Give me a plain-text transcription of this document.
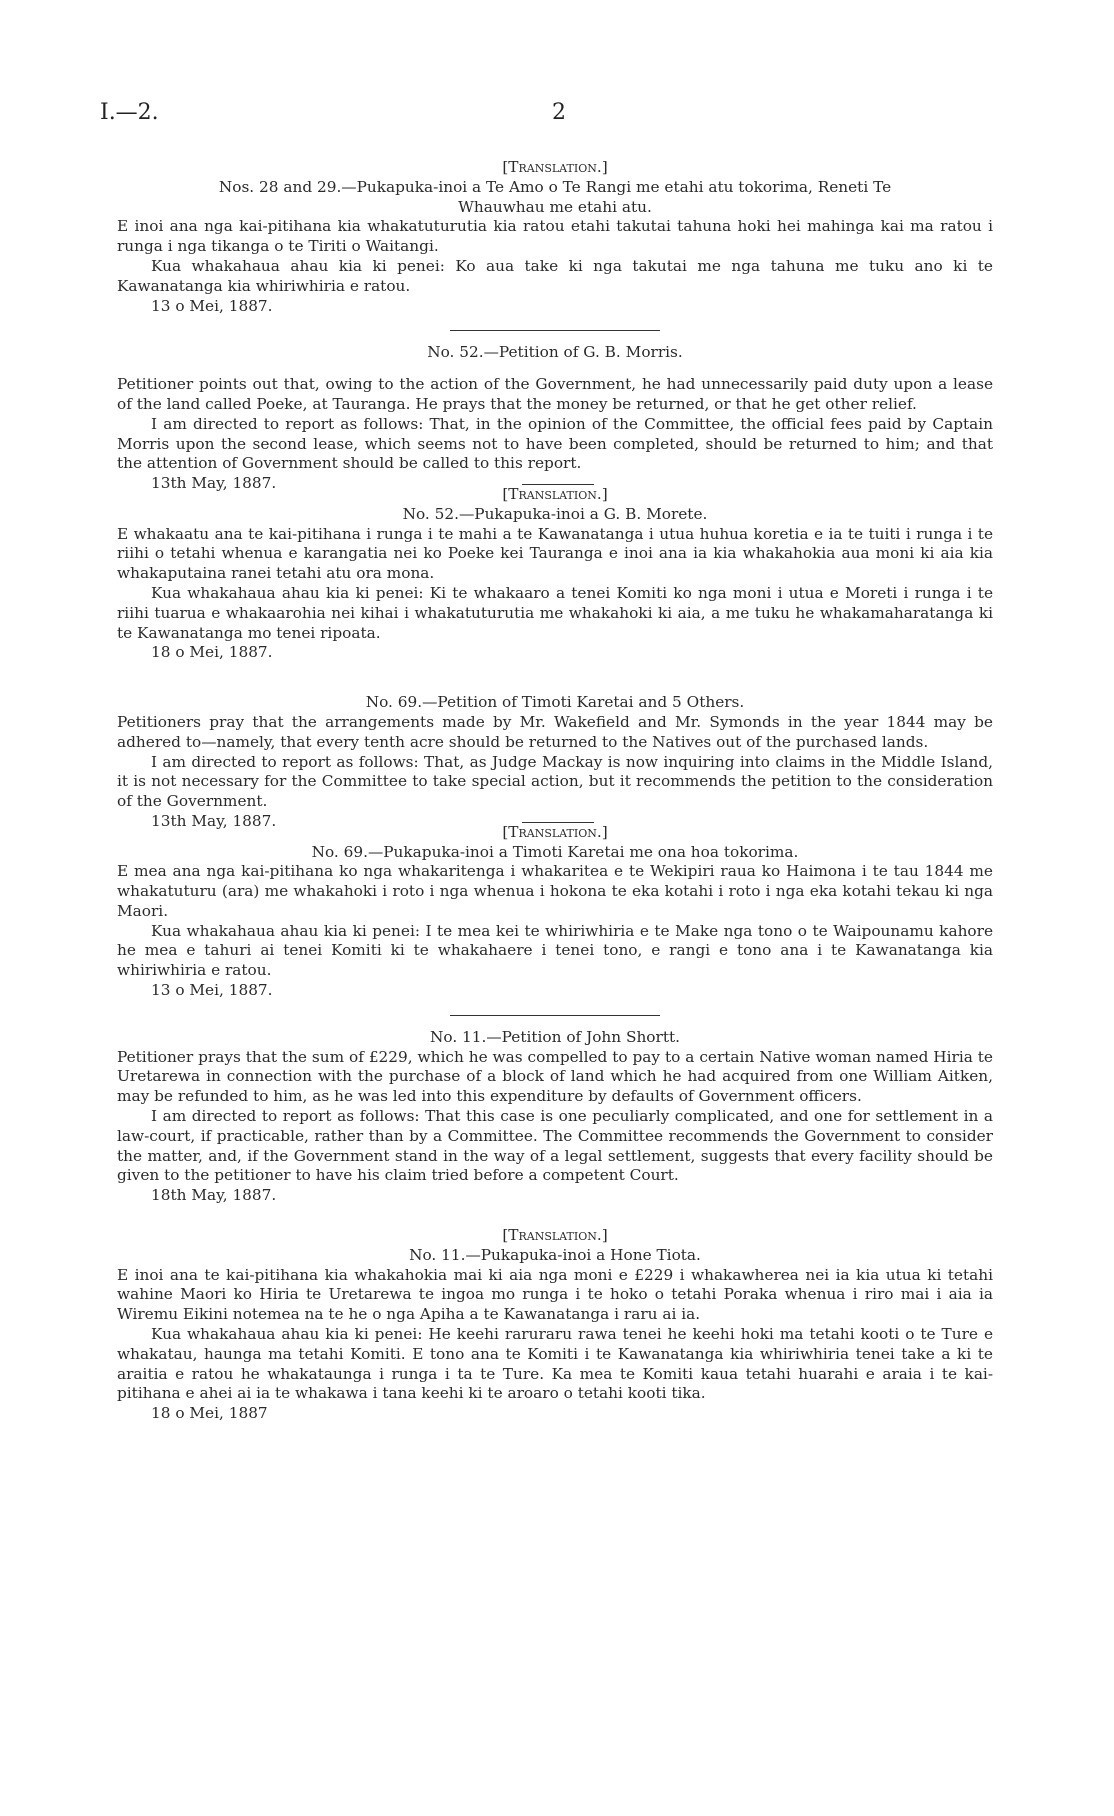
I.—2.	2

[Translation.]

Nos. 28 and 29.—Pukapuka-inoi a Te Amo o Te Rangi me etahi atu tokorima, Reneti Te

Whauwhau me etahi atu.

E inoi ana nga kai-pitihana kia whakatuturutia kia ratou etahi takutai tahuna hoki hei mahinga kai ma ratou i runga i nga tikanga o te Tiriti o Waitangi.

Kua whakahaua ahau kia ki penei: Ko aua take ki nga takutai me nga tahuna me tuku ano ki te Kawanatanga kia whiriwhiria e ratou.

13 o Mei, 1887.

No. 52.—Petition of G. B. Morris.

Petitioner points out that, owing to the action of the Government, he had unnecessarily paid duty upon a lease of the land called Poeke, at Tauranga. He prays that the money be returned, or that he get other relief.

I am directed to report as follows: That, in the opinion of the Committee, the official fees paid by Captain Morris upon the second lease, which seems not to have been completed, should be returned to him; and that the attention of Government should be called to this report.

13th May, 1887.

[Translation.]

No. 52.—Pukapuka-inoi a G. B. Morete.

E whakaatu ana te kai-pitihana i runga i te mahi a te Kawanatanga i utua huhua koretia e ia te tuiti i runga i te riihi o tetahi whenua e karangatia nei ko Poeke kei Tauranga e inoi ana ia kia whakahokia aua moni ki aia kia whakaputaina ranei tetahi atu ora mona.

Kua whakahaua ahau kia ki penei: Ki te whakaaro a tenei Komiti ko nga moni i utua e Moreti i runga i te riihi tuarua e whakaarohia nei kihai i whakatuturutia me whakahoki ki aia, a me tuku he whakamaharatanga ki te Kawanatanga mo tenei ripoata.

18 o Mei, 1887.

No. 69.—Petition of Timoti Karetai and 5 Others.

Petitioners pray that the arrangements made by Mr. Wakefield and Mr. Symonds in the year 1844 may be adhered to—namely, that every tenth acre should be returned to the Natives out of the purchased lands.

I am directed to report as follows: That, as Judge Mackay is now inquiring into claims in the Middle Island, it is not necessary for the Committee to take special action, but it recommends the petition to the consideration of the Government.

13th May, 1887.

[Translation.]

No. 69.—Pukapuka-inoi a Timoti Karetai me ona hoa tokorima.

E mea ana nga kai-pitihana ko nga whakaritenga i whakaritea e te Wekipiri raua ko Haimona i te tau 1844 me whakatuturu (ara) me whakahoki i roto i nga whenua i hokona te eka kotahi i roto i nga eka kotahi tekau ki nga Maori.

Kua whakahaua ahau kia ki penei: I te mea kei te whiriwhiria e te Make nga tono o te Waipounamu kahore he mea e tahuri ai tenei Komiti ki te whakahaere i tenei tono, e rangi e tono ana i te Kawanatanga kia whiriwhiria e ratou.

13 o Mei, 1887.

No. 11.—Petition of John Shortt.

Petitioner prays that the sum of £229, which he was compelled to pay to a certain Native woman named Hiria te Uretarewa in connection with the purchase of a block of land which he had acquired from one William Aitken, may be refunded to him, as he was led into this expenditure by defaults of Government officers.

I am directed to report as follows: That this case is one peculiarly complicated, and one for settlement in a law-court, if practicable, rather than by a Committee. The Committee recommends the Government to consider the matter, and, if the Government stand in the way of a legal settlement, suggests that every facility should be given to the petitioner to have his claim tried before a competent Court.

18th May, 1887.

[Translation.]

No. 11.—Pukapuka-inoi a Hone Tiota.

E inoi ana te kai-pitihana kia whakahokia mai ki aia nga moni e £229 i whakawherea nei ia kia utua ki tetahi wahine Maori ko Hiria te Uretarewa te ingoa mo runga i te hoko o tetahi Poraka whenua i riro mai i aia ia Wiremu Eikini notemea na te he o nga Apiha a te Kawanatanga i raru ai ia.

Kua whakahaua ahau kia ki penei: He keehi raruraru rawa tenei he keehi hoki ma tetahi kooti o te Ture e whakatau, haunga ma tetahi Komiti. E tono ana te Komiti i te Kawanatanga kia whiriwhiria tenei take a ki te araitia e ratou he whakataunga i runga i ta te Ture. Ka mea te Komiti kaua tetahi huarahi e araia i te kai-pitihana e ahei ai ia te whakawa i tana keehi ki te aroaro o tetahi kooti tika.

18 o Mei, 1887
